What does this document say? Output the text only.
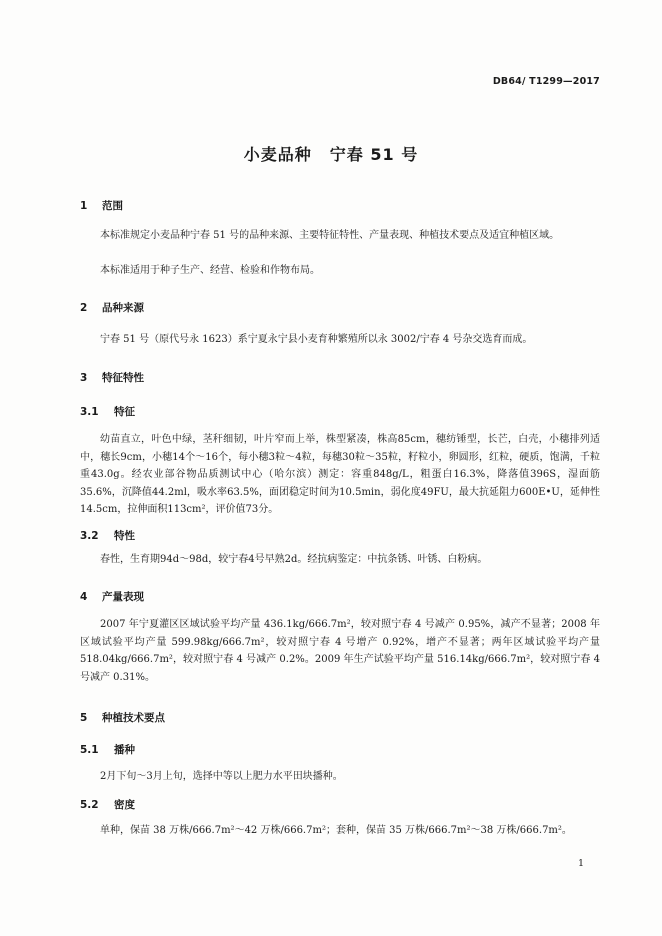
DB64/ T1299—2017
小麦品种 宁春 51 号
1 范围
本标准规定小麦品种宁春 51 号的品种来源、主要特征特性、产量表现、种植技术要点及适宜种植区域。
本标准适用于种子生产、经营、检验和作物布局。
2 品种来源
宁春 51 号（原代号永 1623）系宁夏永宁县小麦育种繁殖所以永 3002/宁春 4 号杂交选育而成。
3 特征特性
3.1 特征
幼苗直立，叶色中绿，茎秆细韧，叶片窄而上举，株型紧凑，株高85cm，穗纺锤型，长芒，白壳，小穗排列适中，穗长9cm，小穗14个～16个，每小穗3粒～4粒，每穗30粒～35粒，籽粒小，卵圆形，红粒，硬质，饱满，千粒重43.0g。经农业部谷物品质测试中心（哈尔滨）测定：容重848g/L，粗蛋白16.3%，降落值396S，湿面筋35.6%，沉降值44.2ml，吸水率63.5%，面团稳定时间为10.5min，弱化度49FU，最大抗延阻力600E•U，延伸性14.5cm，拉伸面积113cm²，评价值73分。
3.2 特性
春性，生育期94d～98d，较宁春4号早熟2d。经抗病鉴定：中抗条锈、叶锈、白粉病。
4 产量表现
2007 年宁夏灌区区域试验平均产量 436.1kg/666.7m²，较对照宁春 4 号减产 0.95%，减产不显著；2008 年区域试验平均产量 599.98kg/666.7m²，较对照宁春 4 号增产 0.92%，增产不显著；两年区域试验平均产量 518.04kg/666.7m²，较对照宁春 4 号减产 0.2%。2009 年生产试验平均产量 516.14kg/666.7m²，较对照宁春 4 号减产 0.31%。
5 种植技术要点
5.1 播种
2月下旬～3月上旬，选择中等以上肥力水平田块播种。
5.2 密度
单种，保苗 38 万株/666.7m²～42 万株/666.7m²；套种，保苗 35 万株/666.7m²～38 万株/666.7m²。
1
